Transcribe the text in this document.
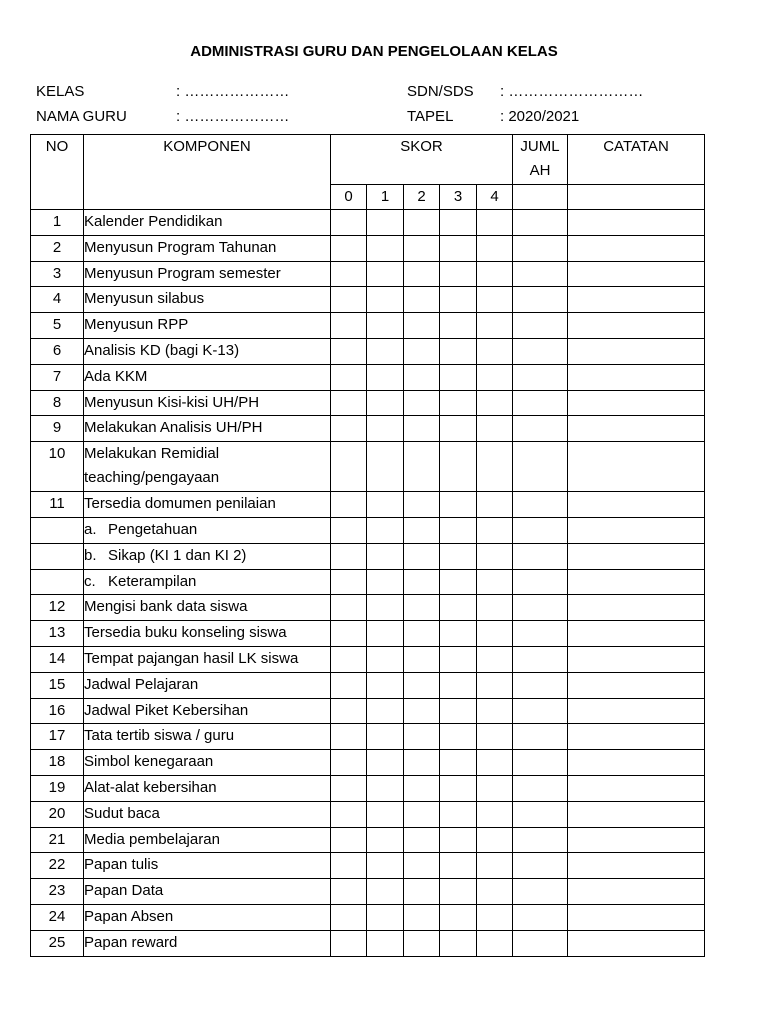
ADMINISTRASI GURU DAN PENGELOLAAN KELAS
KELAS	: …………………	SDN/SDS : ………………………
NAMA GURU	: …………………	TAPEL	: 2020/2021
NO	KOMPONEN	SKOR					JUML AH	CATATAN
		0	1	2	3	4		
1	Kalender Pendidikan							
2	Menyusun Program Tahunan							
3	Menyusun Program semester							
4	Menyusun silabus							
5	Menyusun RPP							
6	Analisis KD (bagi K-13)							
7	Ada KKM							
8	Menyusun Kisi-kisi UH/PH							
9	Melakukan Analisis UH/PH							
10	Melakukan Remidial teaching/pengayaan							
11	Tersedia domumen penilaian							
	a. Pengetahuan							
	b. Sikap (KI 1 dan KI 2)							
	c. Keterampilan							
12	Mengisi bank data siswa							
13	Tersedia buku konseling siswa							
14	Tempat pajangan hasil LK siswa							
15	Jadwal Pelajaran							
16	Jadwal Piket Kebersihan							
17	Tata tertib siswa / guru							
18	Simbol kenegaraan							
19	Alat-alat kebersihan							
20	Sudut baca							
21	Media pembelajaran							
22	Papan tulis							
23	Papan Data							
24	Papan Absen							
25	Papan reward							
